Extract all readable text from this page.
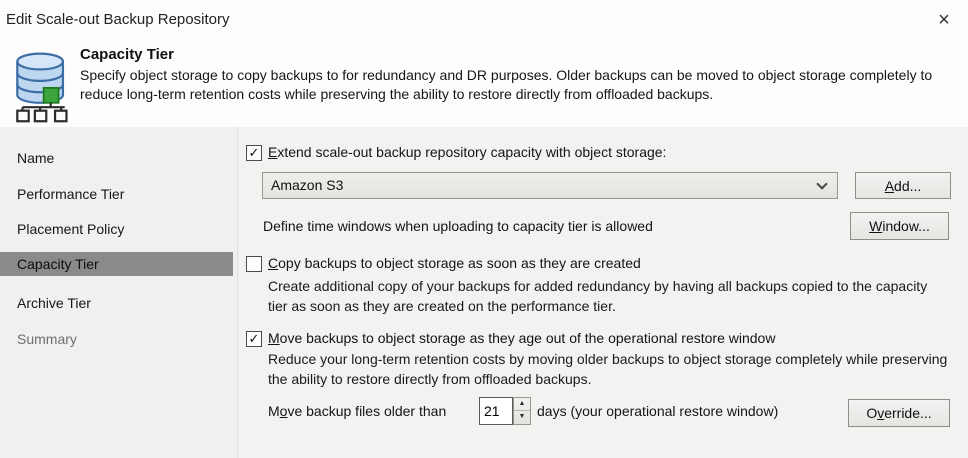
Edit Scale-out Backup Repository	×
Capacity Tier
Specify object storage to copy backups to for redundancy and DR purposes. Older backups can be moved to object storage completely to reduce long-term retention costs while preserving the ability to restore directly from offloaded backups.
Name
Performance Tier
Placement Policy
Capacity Tier
Archive Tier
Summary
✓ Extend scale-out backup repository capacity with object storage:
Amazon S3	Add...
Define time windows when uploading to capacity tier is allowed	Window...
Copy backups to object storage as soon as they are created
Create additional copy of your backups for added redundancy by having all backups copied to the capacity tier as soon as they are created on the performance tier.
✓ Move backups to object storage as they age out of the operational restore window
Reduce your long-term retention costs by moving older backups to object storage completely while preserving the ability to restore directly from offloaded backups.
Move backup files older than
21	▲
▼ days (your operational restore window)	Override...
